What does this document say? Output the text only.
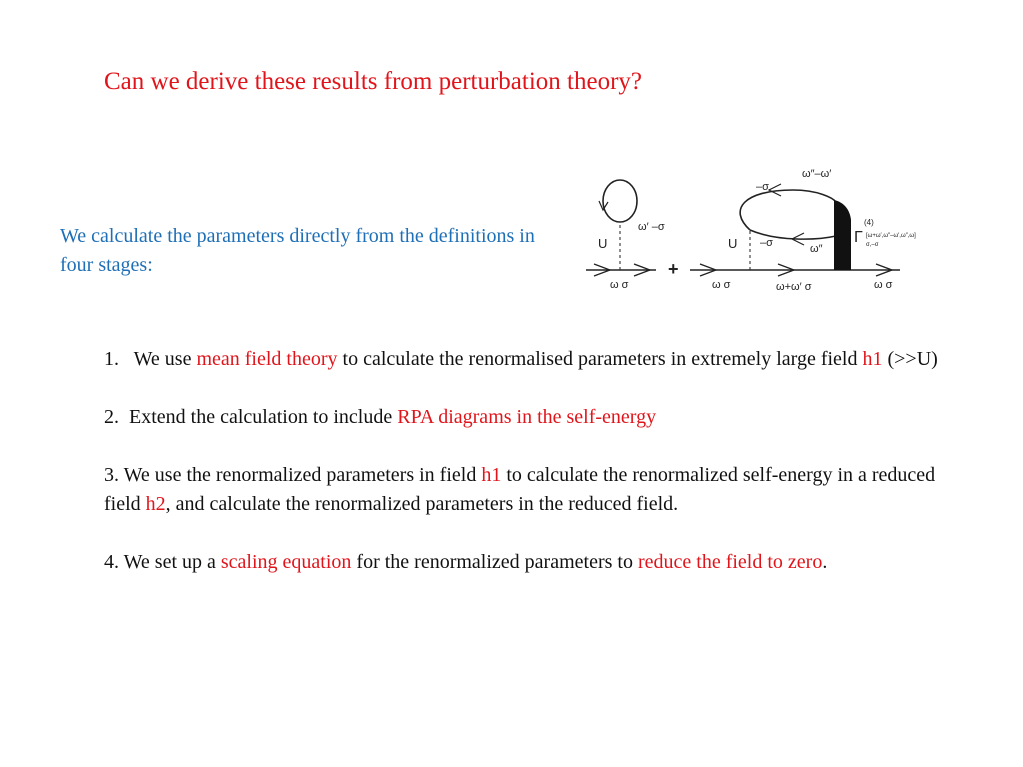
Can we derive these results from perturbation theory?
We calculate the parameters directly from the definitions in four stages:
U
ω′ –σ
ω σ
+
U
–σ
ω″–ω′
–σ	ω″
Γ
(4)
[ω+ω′,ω″–ω′,ω″,ω]
σ,–σ
ω σ	ω+ω′ σ	ω σ

1. We use mean field theory to calculate the renormalised parameters in extremely large field h1 (>>U)

2. Extend the calculation to include RPA diagrams in the self-energy

3. We use the renormalized parameters in field h1 to calculate the renormalized self-energy in a reduced field h2, and calculate the renormalized parameters in the reduced field.

4. We set up a scaling equation for the renormalized parameters to reduce the field to zero.
